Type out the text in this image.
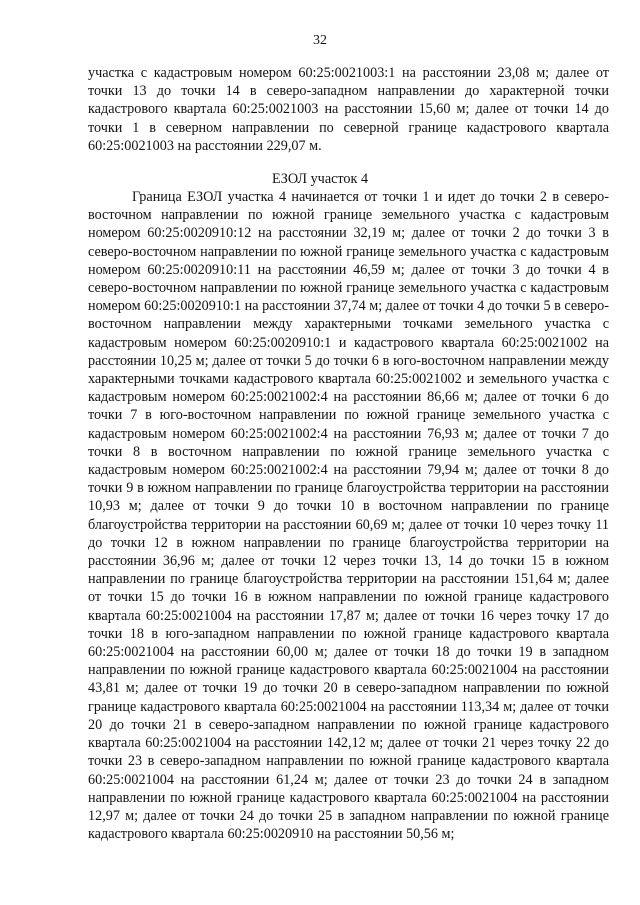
32
участка с кадастровым номером 60:25:0021003:1 на расстоянии 23,08 м; далее от точки 13 до точки 14 в северо-западном направлении до характерной точки кадастрового квартала 60:25:0021003 на расстоянии 15,60 м; далее от точки 14 до точки 1 в северном направлении по северной границе кадастрового квартала 60:25:0021003 на расстоянии 229,07 м.
ЕЗОЛ участок 4
Граница ЕЗОЛ участка 4 начинается от точки 1 и идет до точки 2 в северо-восточном направлении по южной границе земельного участка с кадастровым номером 60:25:0020910:12 на расстоянии 32,19 м; далее от точки 2 до точки 3 в северо-восточном направлении по южной границе земельного участка с кадастровым номером 60:25:0020910:11 на расстоянии 46,59 м; далее от точки 3 до точки 4 в северо-восточном направлении по южной границе земельного участка с кадастровым номером 60:25:0020910:1 на расстоянии 37,74 м; далее от точки 4 до точки 5 в северо-восточном направлении между характерными точками земельного участка с кадастровым номером 60:25:0020910:1 и кадастрового квартала 60:25:0021002 на расстоянии 10,25 м; далее от точки 5 до точки 6 в юго-восточном направлении между характерными точками кадастрового квартала 60:25:0021002 и земельного участка с кадастровым номером 60:25:0021002:4 на расстоянии 86,66 м; далее от точки 6 до точки 7 в юго-восточном направлении по южной границе земельного участка с кадастровым номером 60:25:0021002:4 на расстоянии 76,93 м; далее от точки 7 до точки 8 в восточном направлении по южной границе земельного участка с кадастровым номером 60:25:0021002:4 на расстоянии 79,94 м; далее от точки 8 до точки 9 в южном направлении по границе благоустройства территории на расстоянии 10,93 м; далее от точки 9 до точки 10 в восточном направлении по границе благоустройства территории на расстоянии 60,69 м; далее от точки 10 через точку 11 до точки 12 в южном направлении по границе благоустройства территории на расстоянии 36,96 м; далее от точки 12 через точки 13, 14 до точки 15 в южном направлении по границе благоустройства территории на расстоянии 151,64 м; далее от точки 15 до точки 16 в южном направлении по южной границе кадастрового квартала 60:25:0021004 на расстоянии 17,87 м; далее от точки 16 через точку 17 до точки 18 в юго-западном направлении по южной границе кадастрового квартала 60:25:0021004 на расстоянии 60,00 м; далее от точки 18 до точки 19 в западном направлении по южной границе кадастрового квартала 60:25:0021004 на расстоянии 43,81 м; далее от точки 19 до точки 20 в северо-западном направлении по южной границе кадастрового квартала 60:25:0021004 на расстоянии 113,34 м; далее от точки 20 до точки 21 в северо-западном направлении по южной границе кадастрового квартала 60:25:0021004 на расстоянии 142,12 м; далее от точки 21 через точку 22 до точки 23 в северо-западном направлении по южной границе кадастрового квартала 60:25:0021004 на расстоянии 61,24 м; далее от точки 23 до точки 24 в западном направлении по южной границе кадастрового квартала 60:25:0021004 на расстоянии 12,97 м; далее от точки 24 до точки 25 в западном направлении по южной границе кадастрового квартала 60:25:0020910 на расстоянии 50,56 м;
